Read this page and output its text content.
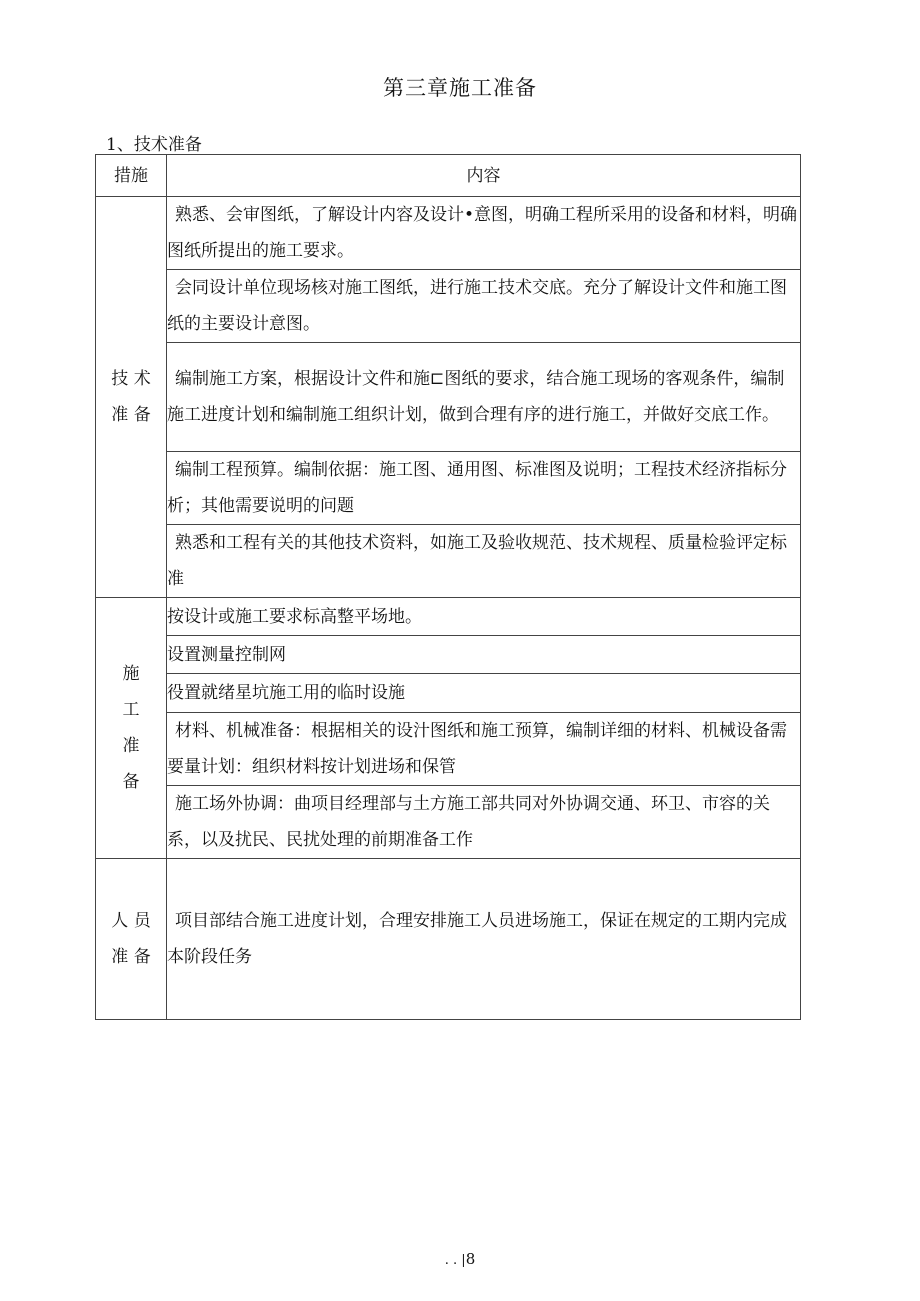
第三章施工准备
1、技术准备
措施	内容

技 术
准 备	熟悉、会审图纸，了解设计内容及设计•意图，明确工程所采用的设备和材料，明确图纸所提出的施工要求。
	会同设计单位现场核对施工图纸，进行施工技术交底。充分了解设计文件和施工图纸的主要设计意图。
	编制施工方案，根据设计文件和施⊏图纸的要求，结合施工现场的客观条件，编制施工进度计划和编制施工组织计划，做到合理有序的进行施工，并做好交底工作。
	编制工程预算。编制依据：施工图、通用图、标准图及说明；工程技术经济指标分析；其他需要说明的问题
	熟悉和工程有关的其他技术资料，如施工及验收规范、技术规程、质量检验评定标准

施
工
准
备	按设计或施工要求标高整平场地。
	设置测量控制网
	役置就绪星坑施工用的临时设施
	材料、机械准备：根据相关的设汁图纸和施工预算，编制详细的材料、机械设备需要量计划：组织材料按计划进场和保管
	施工场外协调：曲项目经理部与土方施工部共同对外协调交通、环卫、市容的关系，以及扰民、民扰处理的前期准备工作

人 员
准 备	项目部结合施工进度计划，合理安排施工人员进场施工，保证在规定的工期内完成本阶段任务
. . |8
